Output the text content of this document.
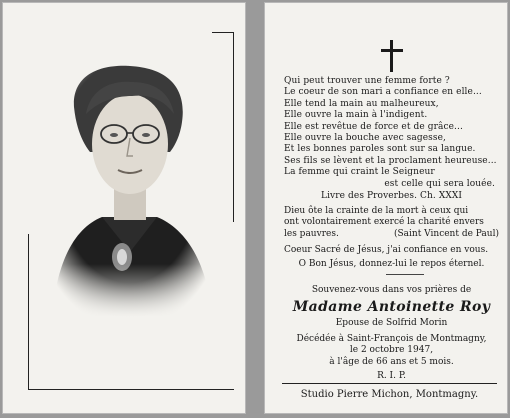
Qui peut trouver une femme forte ?
Le coeur de son mari a confiance en elle...
Elle tend la main au malheureux,
Elle ouvre la main à l'indigent.
Elle est revêtue de force et de grâce...
Elle ouvre la bouche avec sagesse,
Et les bonnes paroles sont sur sa langue.
Ses fils se lèvent et la proclament heureuse...
La femme qui craint le Seigneur
est celle qui sera louée.
Livre des Proverbes. Ch. XXXI
Dieu ôte la crainte de la mort à ceux qui
ont volontairement exercé la charité envers
les pauvres.	(Saint Vincent de Paul)
Coeur Sacré de Jésus, j'ai confiance en vous.
O Bon Jésus, donnez-lui le repos éternel.
Souvenez-vous dans vos prières de
Madame Antoinette Roy
Epouse de Solfrid Morin
Décédée à Saint-François de Montmagny,
le 2 octobre 1947,
à l'âge de 66 ans et 5 mois.
R. I. P.
Studio Pierre Michon, Montmagny.
